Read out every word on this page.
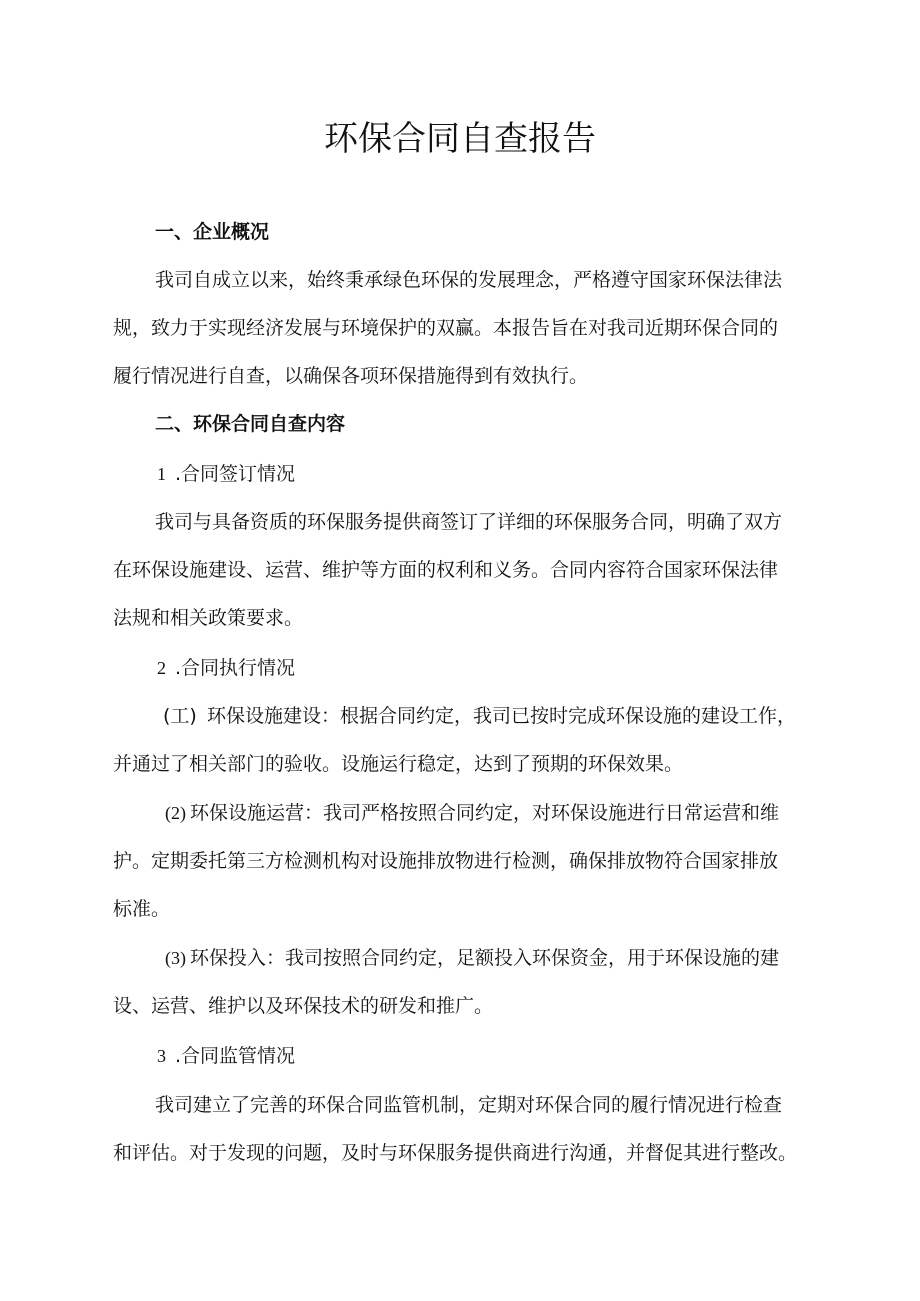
环保合同自查报告
一、企业概况
我司自成立以来，始终秉承绿色环保的发展理念，严格遵守国家环保法律法
规，致力于实现经济发展与环境保护的双赢。本报告旨在对我司近期环保合同的
履行情况进行自查，以确保各项环保措施得到有效执行。
二、环保合同自查内容
1 .合同签订情况
我司与具备资质的环保服务提供商签订了详细的环保服务合同，明确了双方
在环保设施建设、运营、维护等方面的权利和义务。合同内容符合国家环保法律
法规和相关政策要求。
2 .合同执行情况
(工) 环保设施建设：根据合同约定，我司已按时完成环保设施的建设工作，
并通过了相关部门的验收。设施运行稳定，达到了预期的环保效果。
(2) 环保设施运营：我司严格按照合同约定，对环保设施进行日常运营和维
护。定期委托第三方检测机构对设施排放物进行检测，确保排放物符合国家排放
标准。
(3) 环保投入：我司按照合同约定，足额投入环保资金，用于环保设施的建
设、运营、维护以及环保技术的研发和推广。
3 .合同监管情况
我司建立了完善的环保合同监管机制，定期对环保合同的履行情况进行检查
和评估。对于发现的问题，及时与环保服务提供商进行沟通，并督促其进行整改。
